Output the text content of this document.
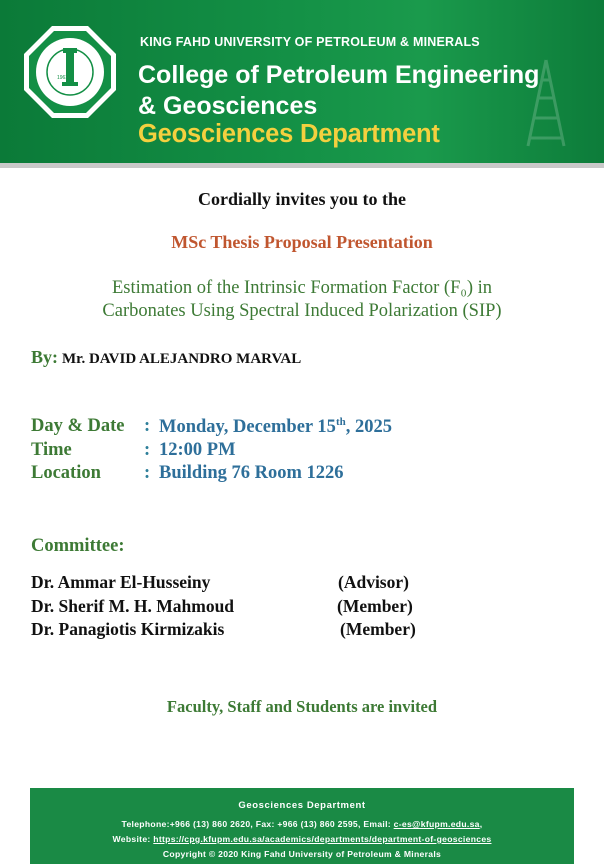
1963
KING FAHD UNIVERSITY OF PETROLEUM & MINERALS
College of Petroleum Engineering
& Geosciences
Geosciences Department
Cordially invites you to the
MSc Thesis Proposal Presentation
Estimation of the Intrinsic Formation Factor (F₀) in
Carbonates Using Spectral Induced Polarization (SIP)
By: Mr. DAVID ALEJANDRO MARVAL
Day & Date : Monday, December 15th, 2025
Time	: 12:00 PM
Location : Building 76 Room 1226
Committee:
Dr. Ammar El-Husseiny	(Advisor)
Dr. Sherif M. H. Mahmoud	(Member)
Dr. Panagiotis Kirmizakis	(Member)
Faculty, Staff and Students are invited
Geosciences Department
Telephone:+966 (13) 860 2620, Fax: +966 (13) 860 2595, Email: c-es@kfupm.edu.sa,
Website: https://cpg.kfupm.edu.sa/academics/departments/department-of-geosciences
Copyright © 2020 King Fahd University of Petroleum & Minerals
